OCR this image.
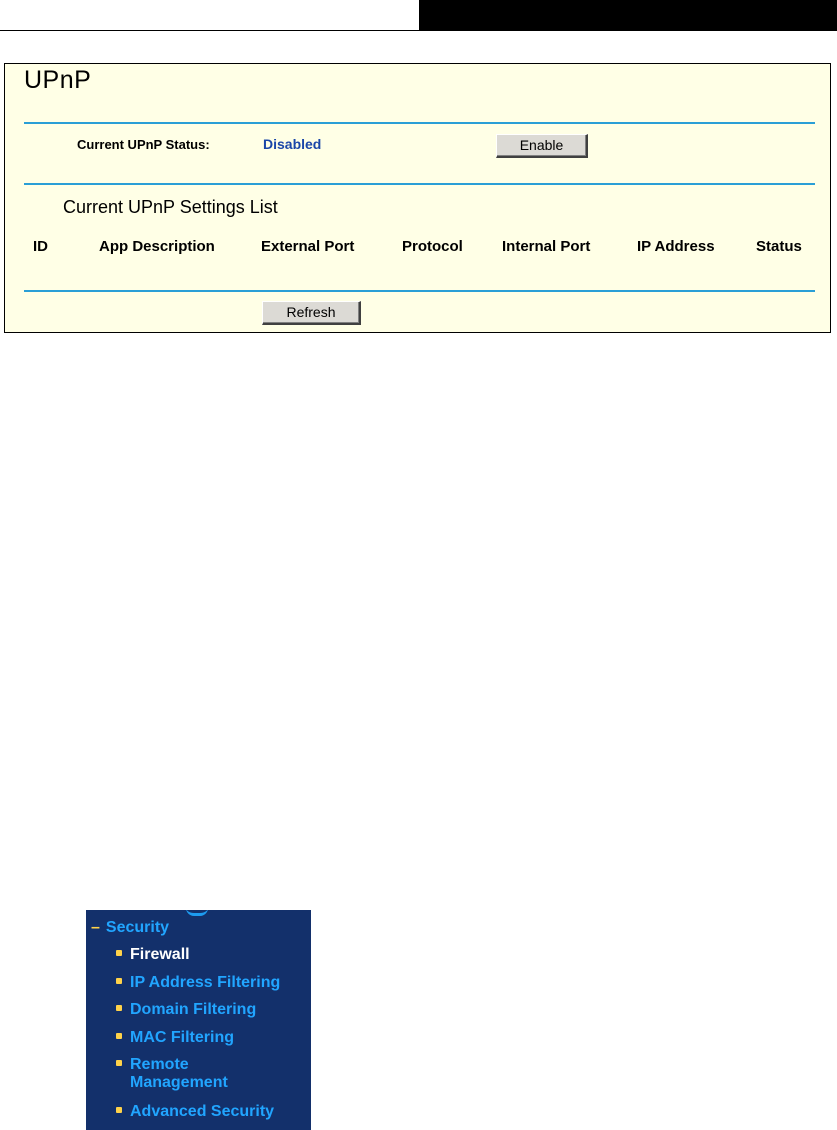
UPnP
Current UPnP Status:	Disabled	Enable
Current UPnP Settings List
ID	App Description	External Port	Protocol	Internal Port	IP Address	Status
Refresh
– Security
Firewall
IP Address Filtering
Domain Filtering
MAC Filtering
Remote
Management
Advanced Security
